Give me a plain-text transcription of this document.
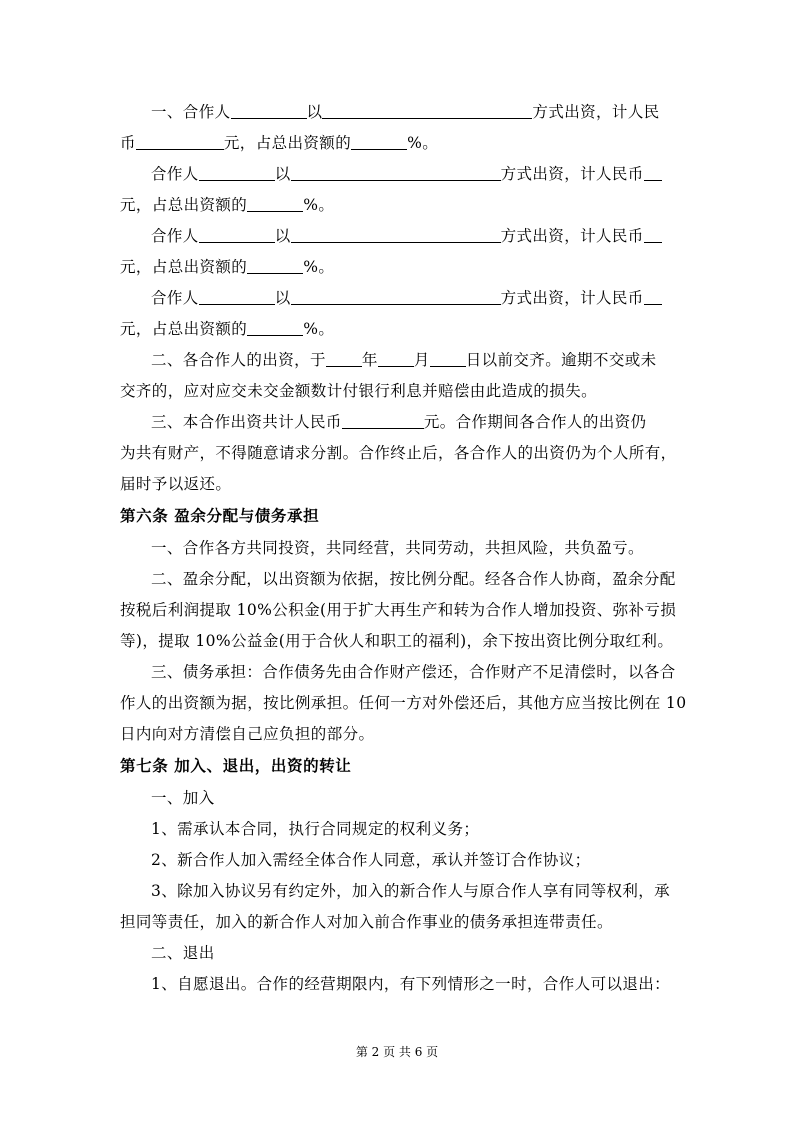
一、合作人	以	方式出资，计人民
币	元，占总出资额的	%。
合作人	以	方式出资，计人民币
元，占总出资额的	%。
合作人	以	方式出资，计人民币
元，占总出资额的	%。
合作人	以	方式出资，计人民币
元，占总出资额的	%。
二、各合作人的出资，于 年 月 日以前交齐。逾期不交或未
交齐的，应对应交未交金额数计付银行利息并赔偿由此造成的损失。
三、本合作出资共计人民币	元。合作期间各合作人的出资仍
为共有财产，不得随意请求分割。合作终止后，各合作人的出资仍为个人所有，
届时予以返还。
第六条 盈余分配与债务承担
一、合作各方共同投资，共同经营，共同劳动，共担风险，共负盈亏。
二、盈余分配，以出资额为依据，按比例分配。经各合作人协商，盈余分配
按税后利润提取 10%公积金(用于扩大再生产和转为合作人增加投资、弥补亏损
等)，提取 10%公益金(用于合伙人和职工的福利)，余下按出资比例分取红利。
三、债务承担：合作债务先由合作财产偿还，合作财产不足清偿时，以各合
作人的出资额为据，按比例承担。任何一方对外偿还后，其他方应当按比例在 10
日内向对方清偿自己应负担的部分。
第七条 加入、退出，出资的转让
一、加入
1、需承认本合同，执行合同规定的权利义务；
2、新合作人加入需经全体合作人同意，承认并签订合作协议；
3、除加入协议另有约定外，加入的新合作人与原合作人享有同等权利，承
担同等责任，加入的新合作人对加入前合作事业的债务承担连带责任。
二、退出
1、自愿退出。合作的经营期限内，有下列情形之一时，合作人可以退出：
第 2 页 共 6 页
